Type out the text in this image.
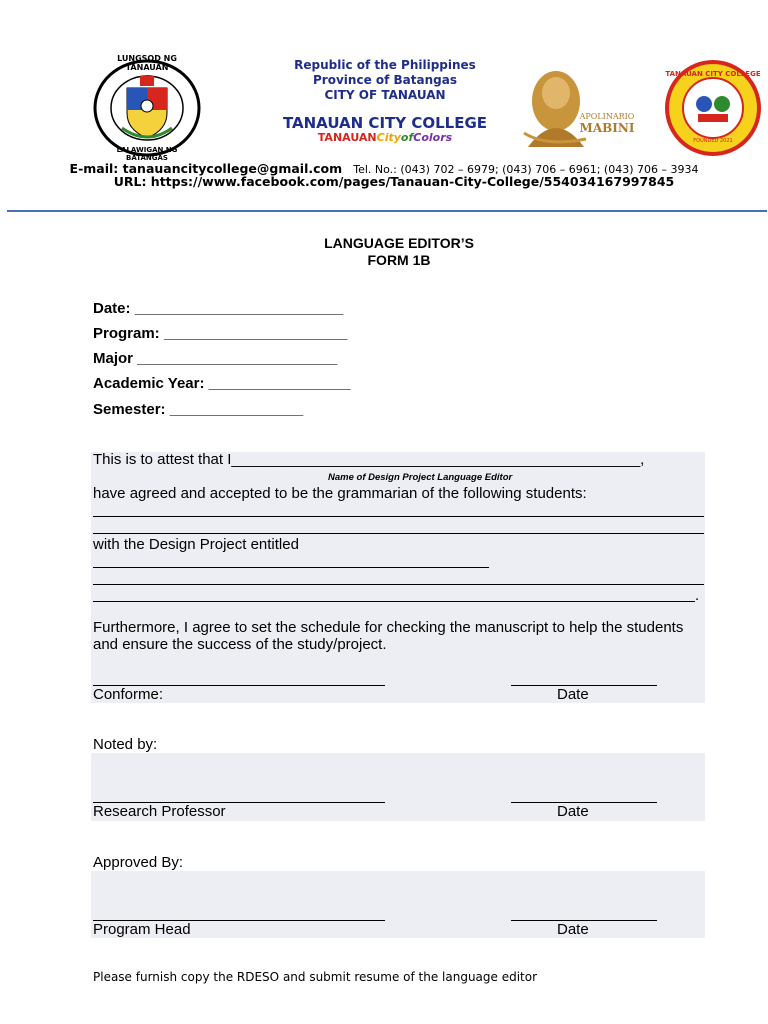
LUNGSOD NG TANAUAN
LALAWIGAN NG BATANGAS
Republic of the Philippines
Province of Batangas
CITY OF TANAUAN
TANAUAN CITY COLLEGE
TANAUANCityofColors
APOLINARIO
MABINI
TANAUAN CITY COLLEGE
FOUNDED 2021
E-mail: tanauancitycollege@gmail.com Tel. No.: (043) 702 – 6979; (043) 706 – 6961; (043) 706 – 3934
URL: https://www.facebook.com/pages/Tanauan-City-College/554034167997845
LANGUAGE EDITOR’S
FORM 1B
Date: _________________________
Program: ______________________
Major ________________________
Academic Year: _________________
Semester: ________________
This is to attest that I_________________________________________________,
Name of Design Project Language Editor
have agreed and accepted to be the grammarian of the following students:
with the Design Project entitled
.
Furthermore, I agree to set the schedule for checking the manuscript to help the students
and ensure the success of the study/project.
Conforme:	Date
Noted by:
Research Professor	Date
Approved By:
Program Head	Date
Please furnish copy the RDESO and submit resume of the language editor
